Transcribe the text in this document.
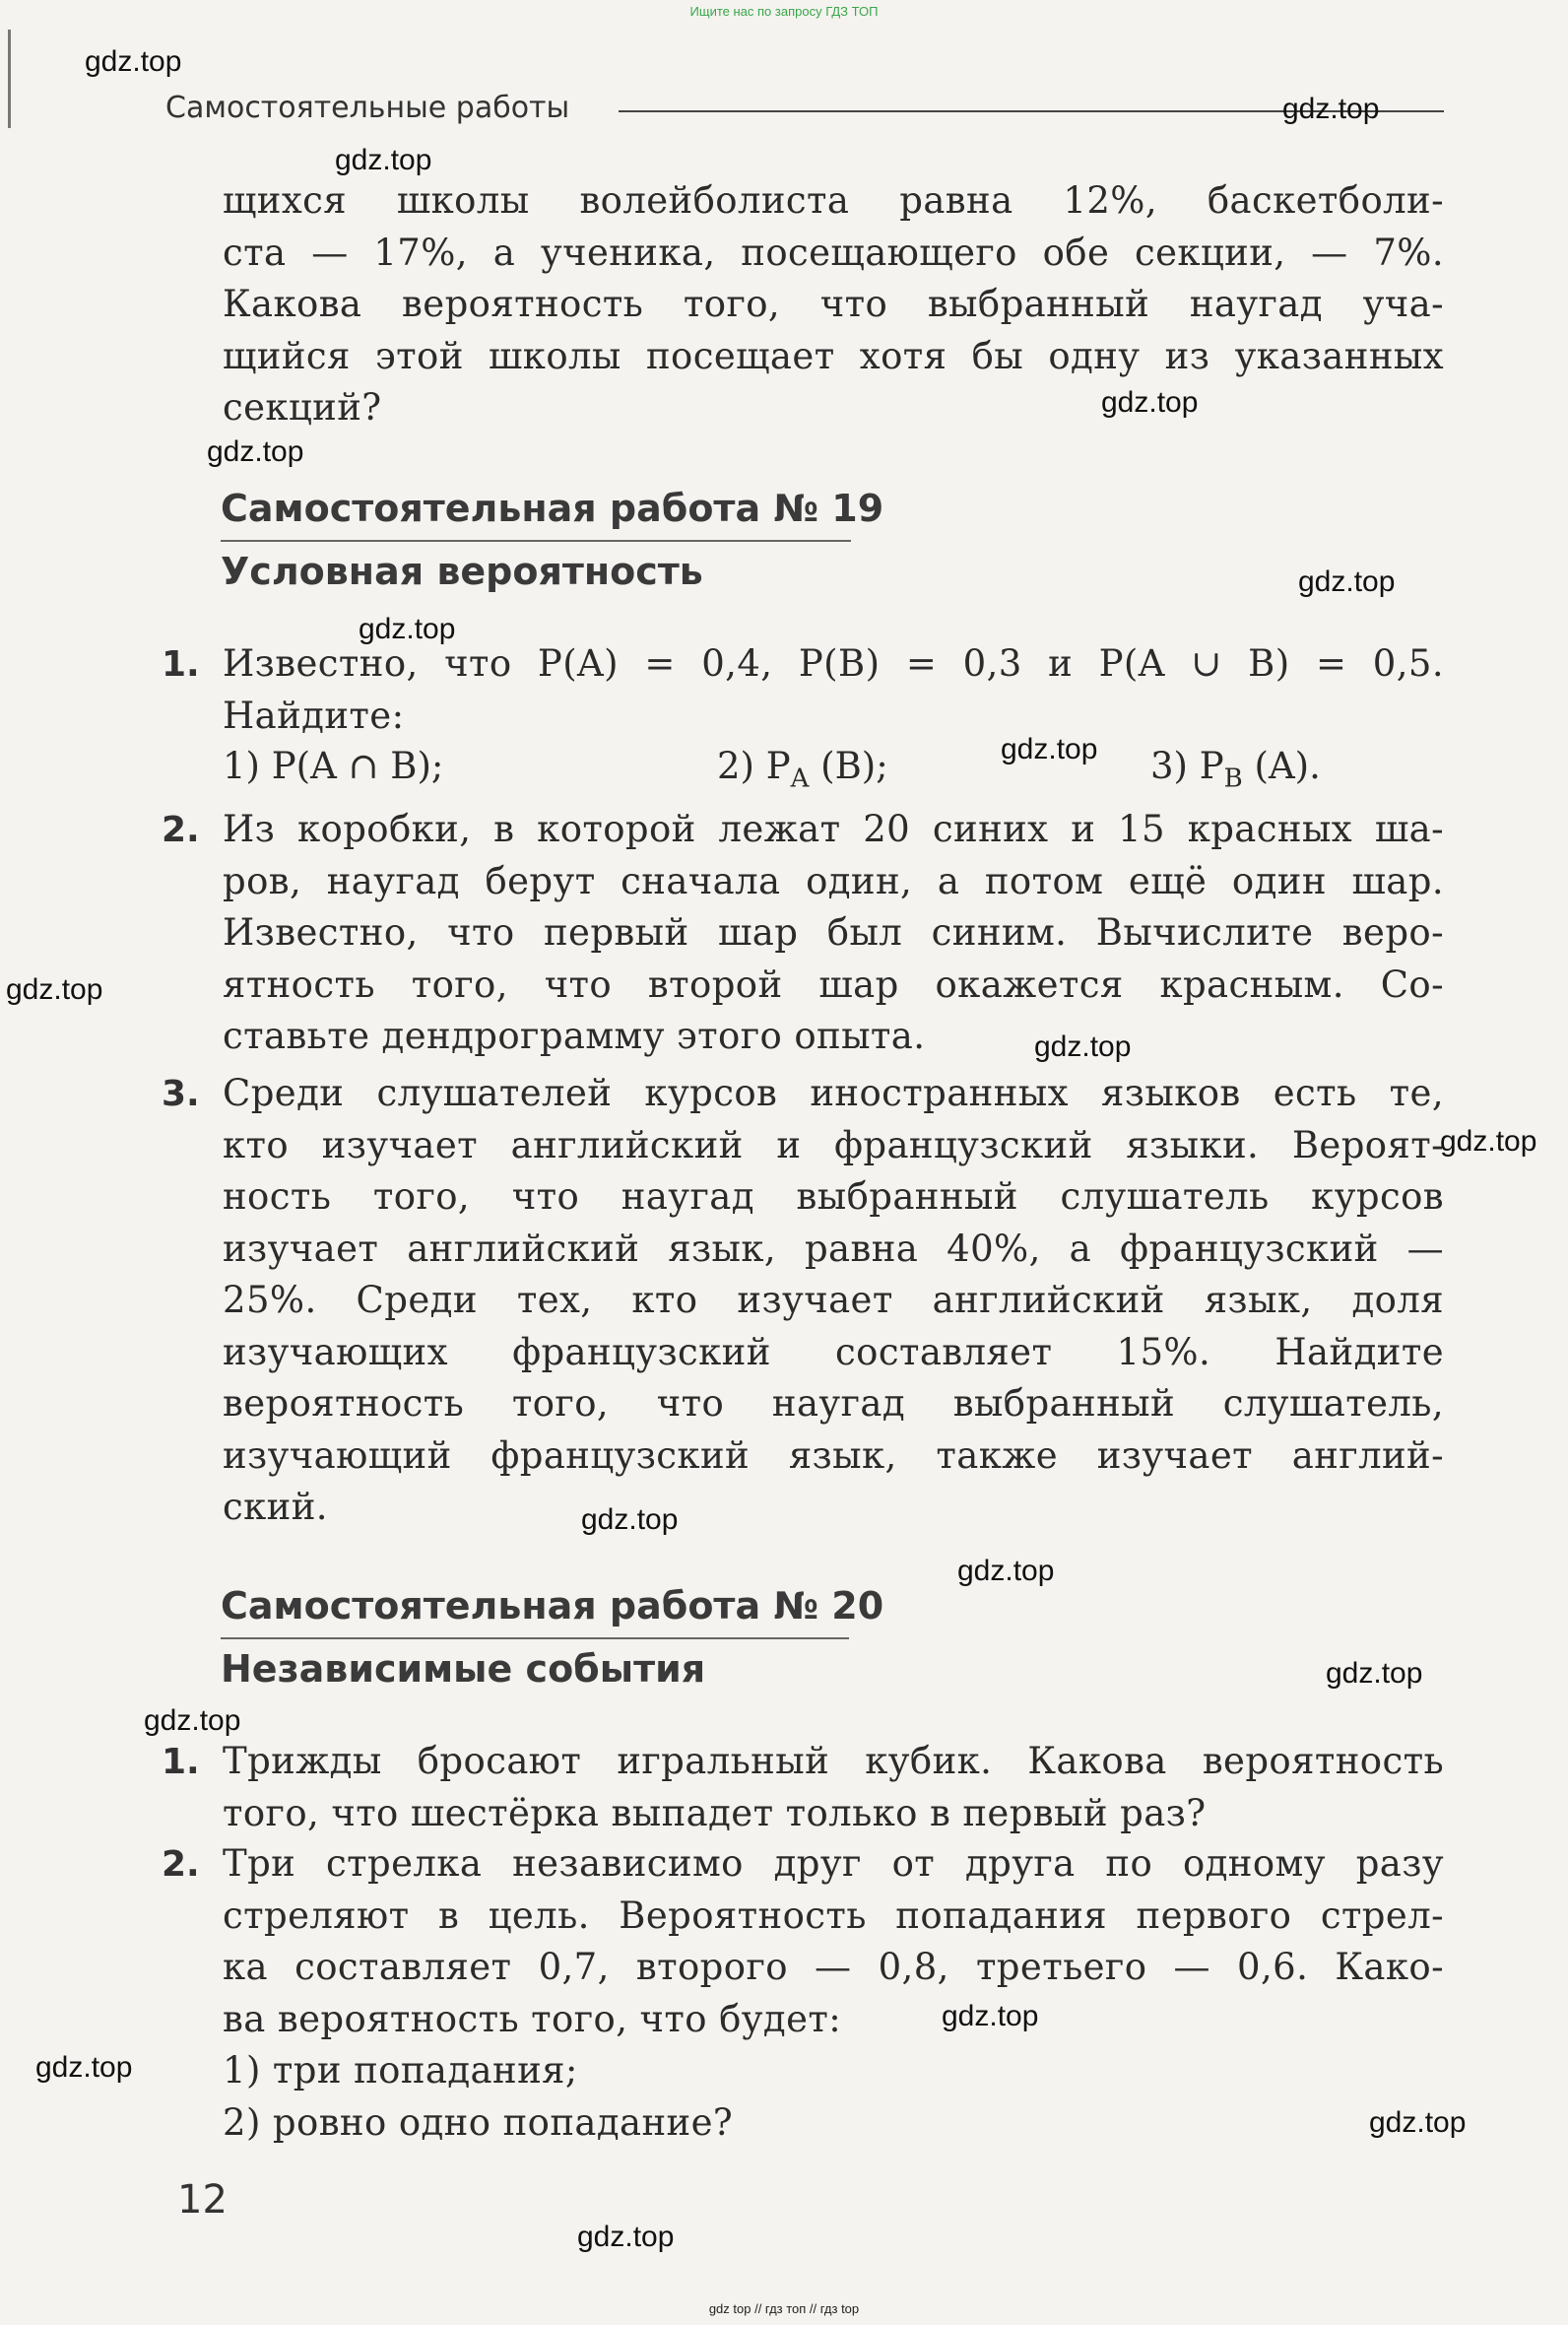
Ищите нас по запросу ГДЗ ТОП
Самостоятельные работы
щихся школы волейболиста равна 12%, баскетболи-
ста — 17%, а ученика, посещающего обе секции, — 7%.
Какова вероятность того, что выбранный наугад уча-
щийся этой школы посещает хотя бы одну из указанных
секций?
Самостоятельная работа № 19
Условная вероятность
1. Известно, что P(A) = 0,4, P(B) = 0,3 и P(A ∪ B) = 0,5.
Найдите:
1) P(A ∩ B);	2) $P_A$ (B);	3) $P_B$ (A).
2. Из коробки, в которой лежат 20 синих и 15 красных ша-
ров, наугад берут сначала один, а потом ещё один шар.
Известно, что первый шар был синим. Вычислите веро-
ятность того, что второй шар окажется красным. Со-
ставьте дендрограмму этого опыта.
3. Среди слушателей курсов иностранных языков есть те,
кто изучает английский и французский языки. Вероят-
ность того, что наугад выбранный слушатель курсов
изучает английский язык, равна 40%, а французский —
25%. Среди тех, кто изучает английский язык, доля
изучающих французский составляет 15%. Найдите
вероятность того, что наугад выбранный слушатель,
изучающий французский язык, также изучает англий-
ский.
Самостоятельная работа № 20
Независимые события
1. Трижды бросают игральный кубик. Какова вероятность
того, что шестёрка выпадет только в первый раз?
2. Три стрелка независимо друг от друга по одному разу
стреляют в цель. Вероятность попадания первого стрел-
ка составляет 0,7, второго — 0,8, третьего — 0,6. Како-
ва вероятность того, что будет:
1) три попадания;
2) ровно одно попадание?
12
gdz.top
gdz.top
gdz.top
gdz.top
gdz.top
gdz.top
gdz.top
gdz.top
gdz.top
gdz.top
gdz.top
gdz.top
gdz.top
gdz.top
gdz.top
gdz.top
gdz.top
gdz.top
gdz.top
gdz top // гдз топ // гдз top
